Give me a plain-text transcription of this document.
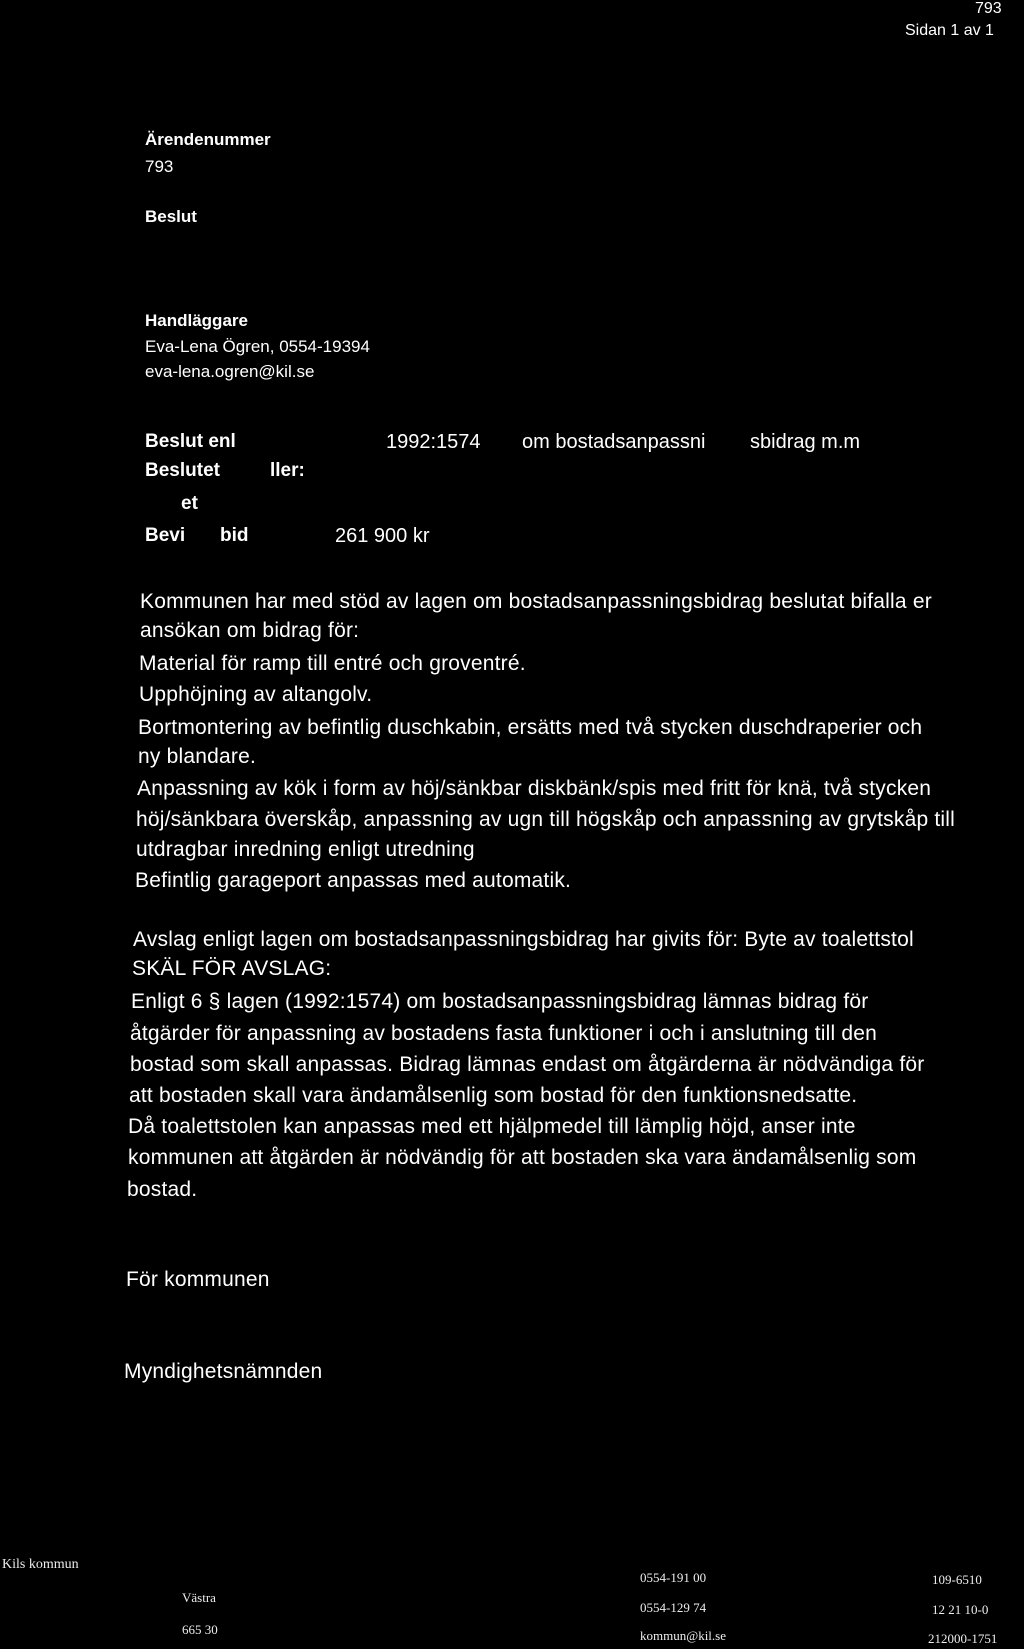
793
Sidan 1 av 1
Ärendenummer
793
Beslut
Handläggare
Eva-Lena Ögren, 0554-19394
eva-lena.ogren@kil.se
Beslut enl	1992:1574 om bostadsanpassni sbidrag m.m
Beslutet	ller:
et
Bevi bid	261 900 kr
Kommunen har med stöd av lagen om bostadsanpassningsbidrag beslutat bifalla er
ansökan om bidrag för:
Material för ramp till entré och groventré.
Upphöjning av altangolv.
Bortmontering av befintlig duschkabin, ersätts med två stycken duschdraperier och
ny blandare.
Anpassning av kök i form av höj/sänkbar diskbänk/spis med fritt för knä, två stycken
höj/sänkbara överskåp, anpassning av ugn till högskåp och anpassning av grytskåp till
utdragbar inredning enligt utredning
Befintlig garageport anpassas med automatik.
Avslag enligt lagen om bostadsanpassningsbidrag har givits för: Byte av toalettstol
SKÄL FÖR AVSLAG:
Enligt 6 § lagen (1992:1574) om bostadsanpassningsbidrag lämnas bidrag för
åtgärder för anpassning av bostadens fasta funktioner i och i anslutning till den
bostad som skall anpassas. Bidrag lämnas endast om åtgärderna är nödvändiga för
att bostaden skall vara ändamålsenlig som bostad för den funktionsnedsatte.
Då toalettstolen kan anpassas med ett hjälpmedel till lämplig höjd, anser inte
kommunen att åtgärden är nödvändig för att bostaden ska vara ändamålsenlig som
bostad.
För kommunen
Myndighetsnämnden
Kils kommun
Västra
665 30
0554-191 00
0554-129 74
kommun@kil.se
109-6510
12 21 10-0
212000-1751
